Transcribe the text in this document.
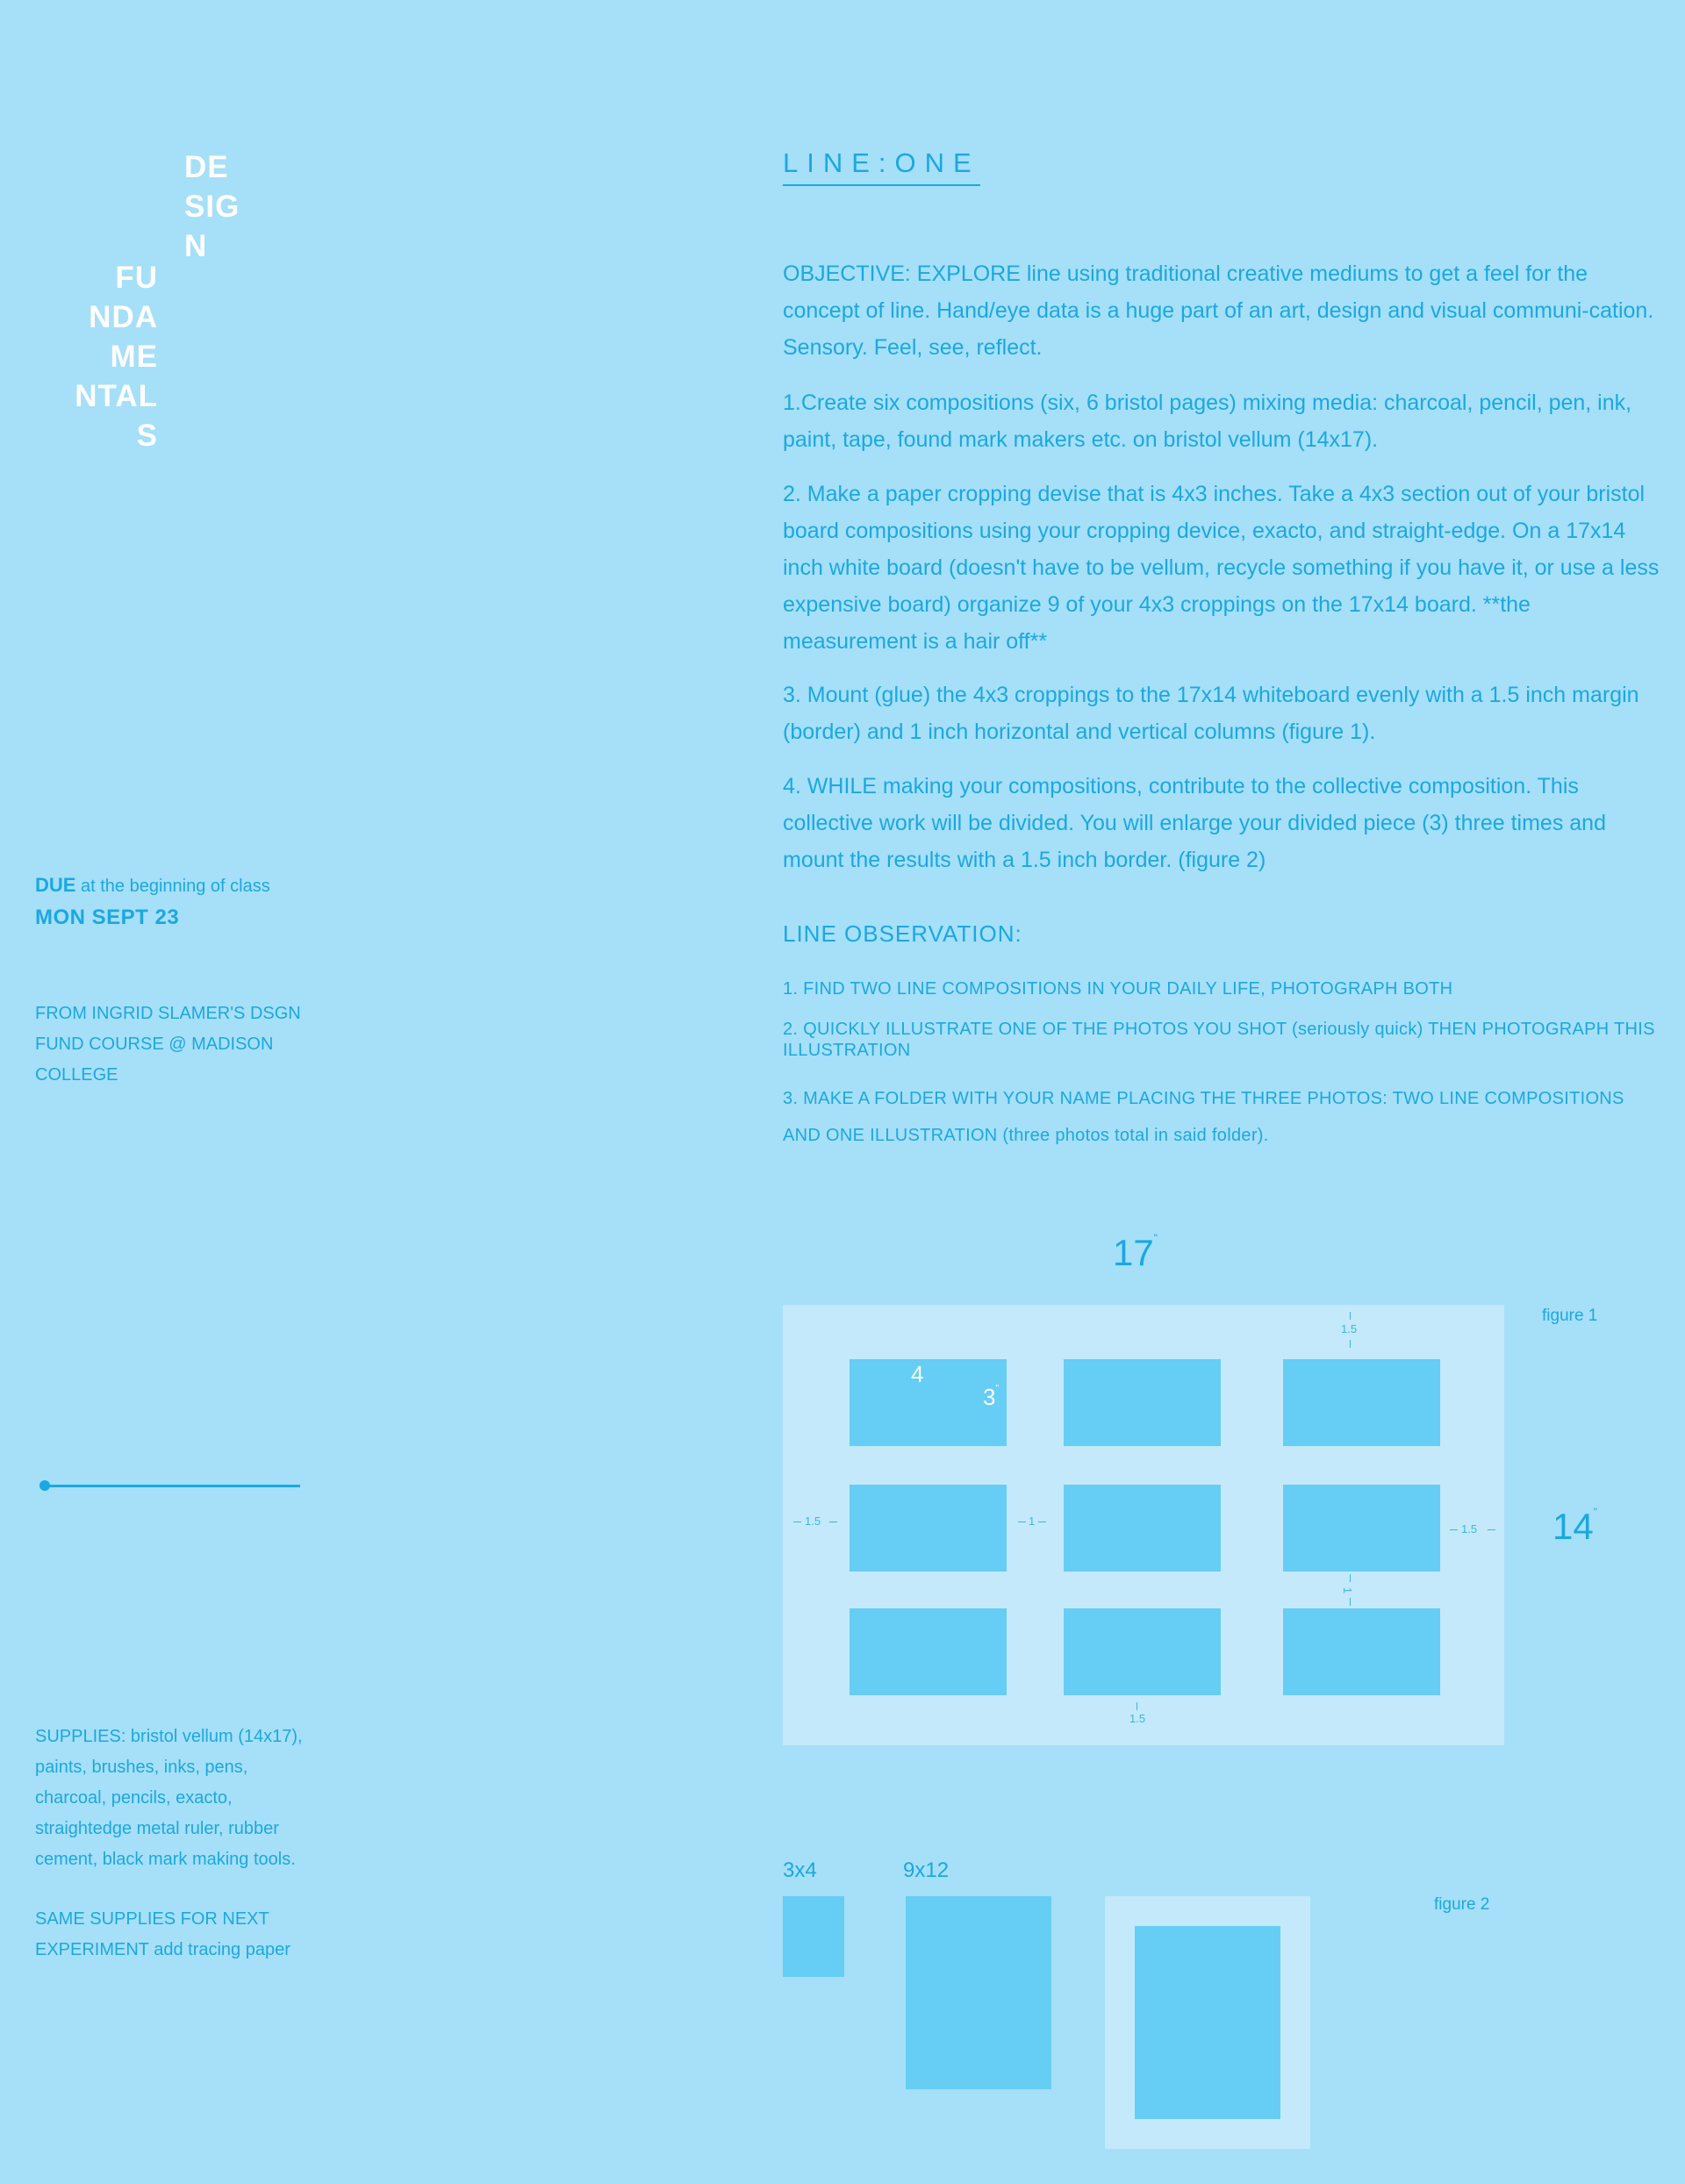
DE
SIG
N
FU
NDA
ME
NTAL
S
LINE:ONE
OBJECTIVE: EXPLORE line using traditional creative mediums to get a feel for the concept of line. Hand/eye data is a huge part of an art, design and visual communi-cation. Sensory. Feel, see, reflect.
1.Create six compositions (six, 6 bristol pages) mixing media: charcoal, pencil, pen, ink, paint, tape, found mark makers etc. on bristol vellum (14x17).
2. Make a paper cropping devise that is 4x3 inches. Take a 4x3 section out of your bristol board compositions using your cropping device, exacto, and straight-edge. On a 17x14 inch white board (doesn't have to be vellum, recycle something if you have it, or use a less expensive board) organize 9 of your 4x3 croppings on the 17x14 board. **the measurement is a hair off**
3. Mount (glue) the 4x3 croppings to the 17x14 whiteboard evenly with a 1.5 inch margin (border) and 1 inch horizontal and vertical columns (figure 1).
4. WHILE making your compositions, contribute to the collective composition. This collective work will be divided. You will enlarge your divided piece (3) three times and mount the results with a 1.5 inch border. (figure 2)
LINE OBSERVATION:
1. FIND TWO LINE COMPOSITIONS IN YOUR DAILY LIFE, PHOTOGRAPH BOTH
2. QUICKLY ILLUSTRATE ONE OF THE PHOTOS YOU SHOT (seriously quick) THEN PHOTOGRAPH THIS ILLUSTRATION
3. MAKE A FOLDER WITH YOUR NAME PLACING THE THREE PHOTOS: TWO LINE COMPOSITIONS AND ONE ILLUSTRATION (three photos total in said folder).
DUE at the beginning of class
MON SEPT 23
FROM INGRID SLAMER'S DSGN FUND COURSE @ MADISON COLLEGE
SUPPLIES: bristol vellum (14x17), paints, brushes, inks, pens, charcoal, pencils, exacto, straightedge metal ruler, rubber cement, black mark making tools.
SAME SUPPLIES FOR NEXT EXPERIMENT add tracing paper
17"
figure 1
14"
4
3"
1.5
1.5	1
1.5
1
1.5
3x4	9x12
figure 2
